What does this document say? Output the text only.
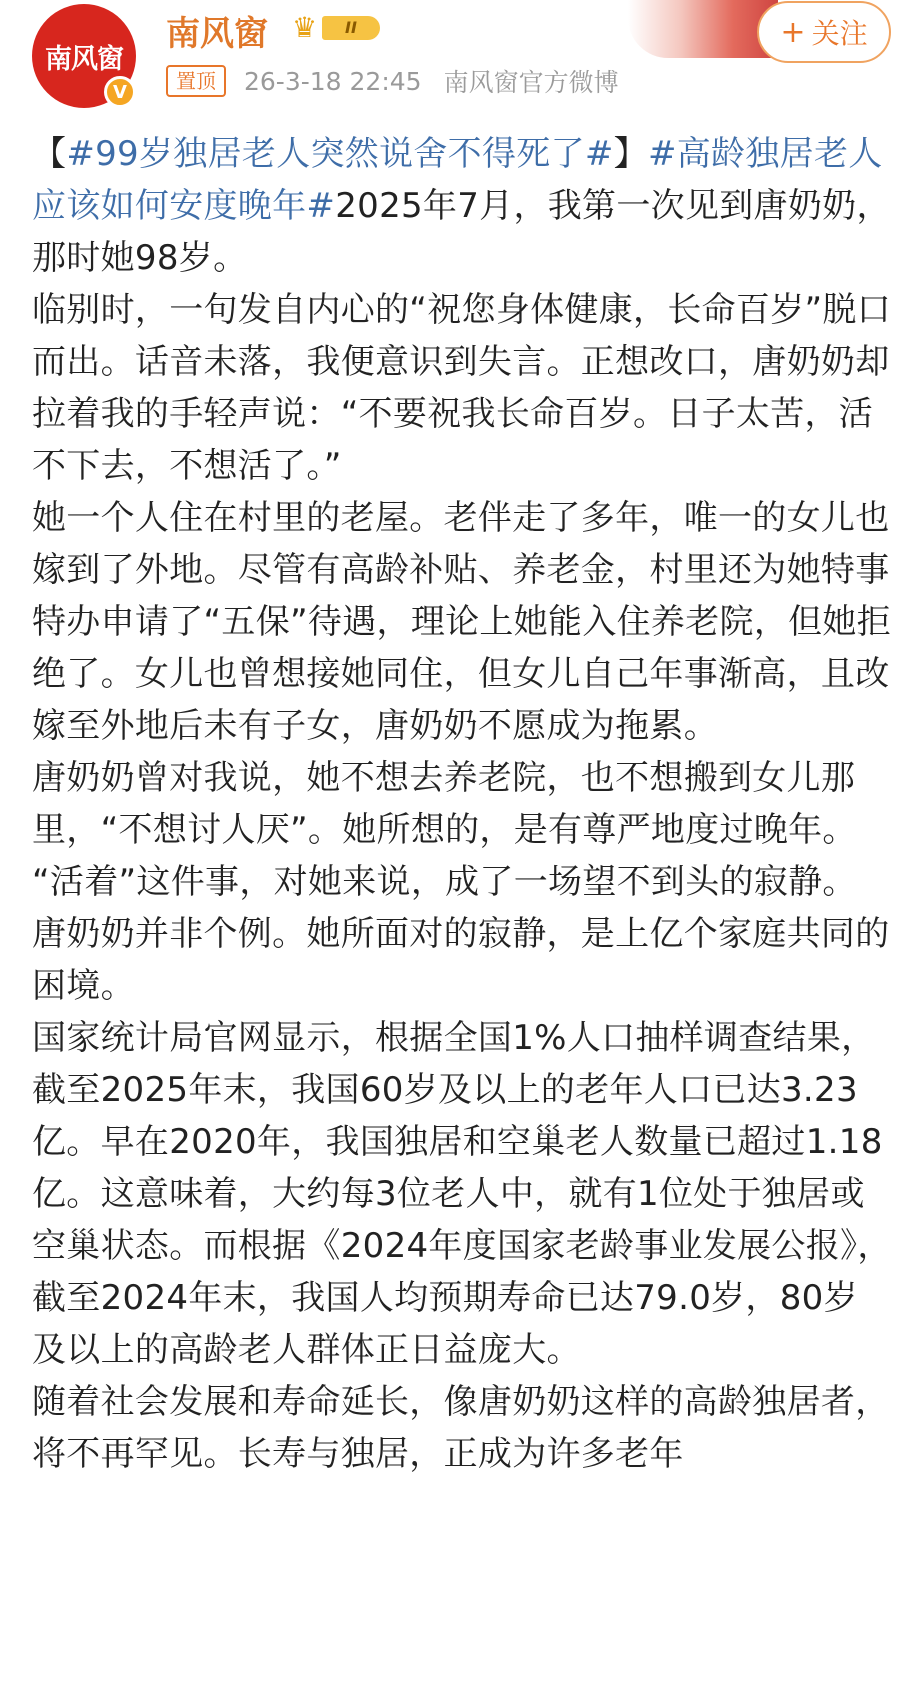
南风窗
V
南风窗 ♛	II	+ 关注
置顶	26-3-18 22:45 南风窗官方微博

【#99岁独居老人突然说舍不得死了#】#高龄独居老人应该如何安度晚年#2025年7月，我第一次见到唐奶奶，那时她98岁。

临别时，一句发自内心的“祝您身体健康，长命百岁”脱口而出。话音未落，我便意识到失言。正想改口，唐奶奶却拉着我的手轻声说：“不要祝我长命百岁。日子太苦，活不下去，不想活了。”

她一个人住在村里的老屋。老伴走了多年，唯一的女儿也嫁到了外地。尽管有高龄补贴、养老金，村里还为她特事特办申请了“五保”待遇，理论上她能入住养老院，但她拒绝了。女儿也曾想接她同住，但女儿自己年事渐高，且改嫁至外地后未有子女，唐奶奶不愿成为拖累。

唐奶奶曾对我说，她不想去养老院，也不想搬到女儿那里，“不想讨人厌”。她所想的，是有尊严地度过晚年。

“活着”这件事，对她来说，成了一场望不到头的寂静。

唐奶奶并非个例。她所面对的寂静，是上亿个家庭共同的困境。

国家统计局官网显示，根据全国1%人口抽样调查结果，截至2025年末，我国60岁及以上的老年人口已达3.23亿。早在2020年，我国独居和空巢老人数量已超过1.18亿。这意味着，大约每3位老人中，就有1位处于独居或空巢状态。而根据《2024年度国家老龄事业发展公报》，截至2024年末，我国人均预期寿命已达79.0岁，80岁及以上的高龄老人群体正日益庞大。

随着社会发展和寿命延长，像唐奶奶这样的高龄独居者，将不再罕见。长寿与独居，正成为许多老年
